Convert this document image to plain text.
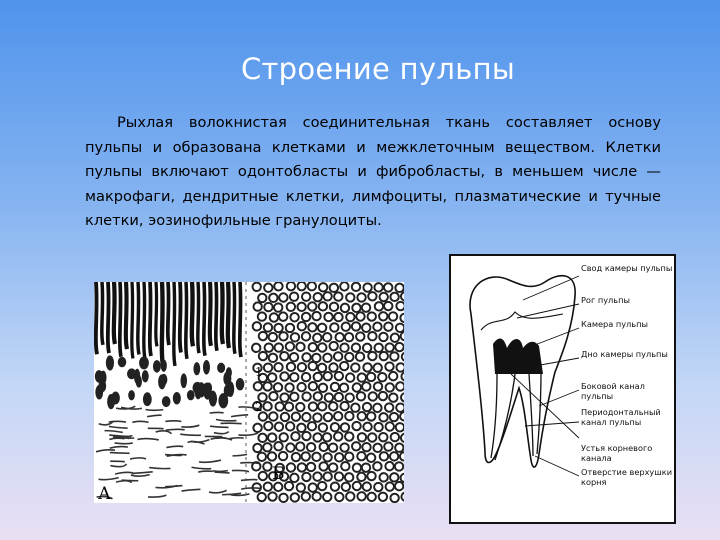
Строение пульпы

Рыхлая волокнистая соединительная ткань составляет основу пульпы и образована клетками и межклеточным веществом. Клетки пульпы включают одонтобласты и фибробласты, в меньшем числе — макрофаги, дендритные клетки, лимфоциты, плазматические и тучные клетки, эозинофильные гранулоциты.

1
2
А
Б
Свод камеры пульпы
Рог пульпы
Камера пульпы
Дно камеры пульпы
Боковой канал пульпы
Периодонтальный канал пульпы
Устья корневого канала
Отверстие верхушки корня
